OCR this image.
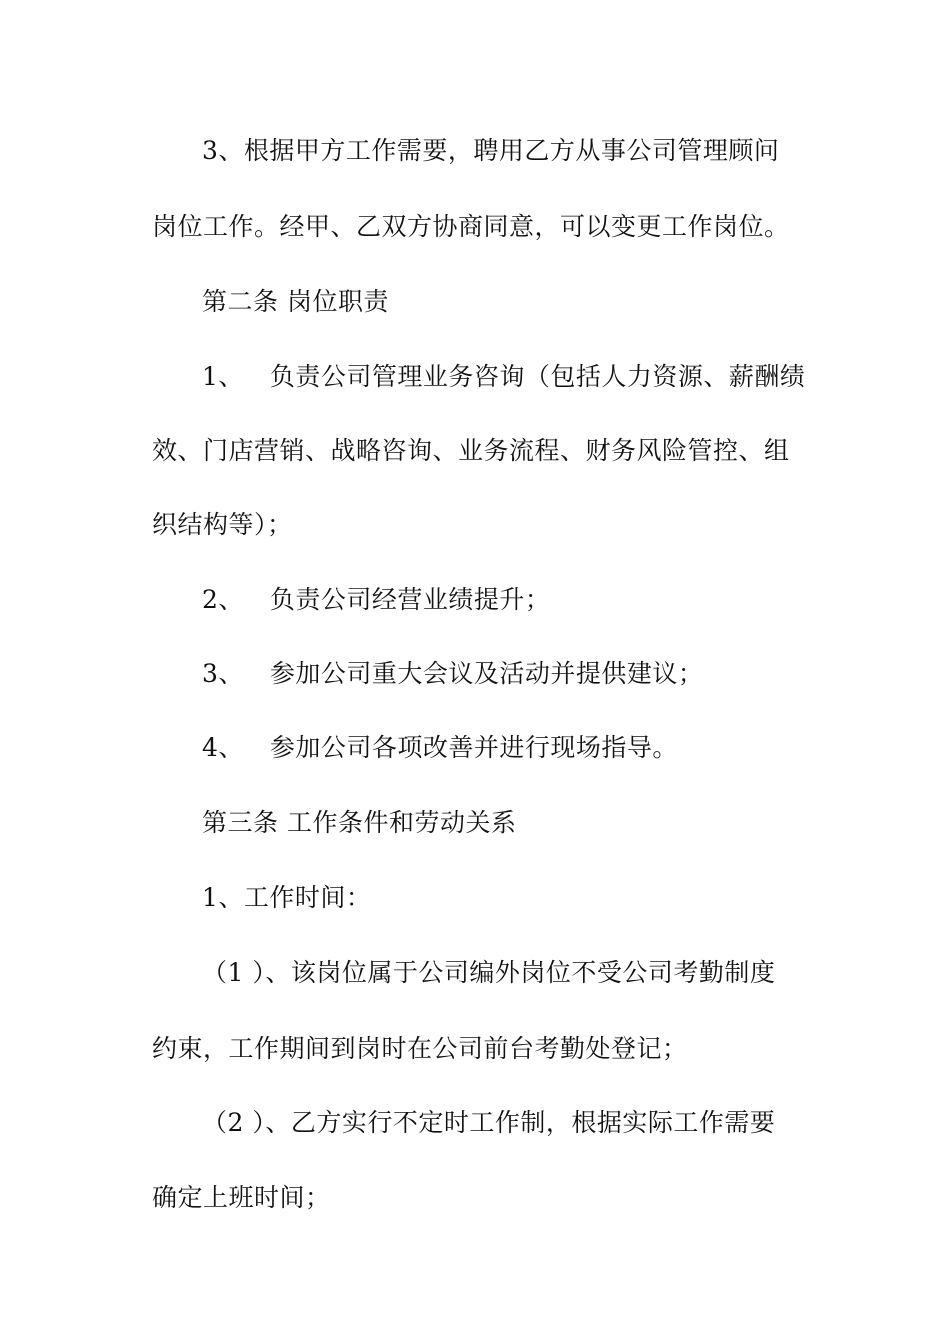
3、根据甲方工作需要，聘用乙方从事公司管理顾问
岗位工作。经甲、乙双方协商同意，可以变更工作岗位。
第二条 岗位职责
1、 负责公司管理业务咨询（包括人力资源、薪酬绩
效、门店营销、战略咨询、业务流程、财务风险管控、组
织结构等）；
2、 负责公司经营业绩提升；
3、 参加公司重大会议及活动并提供建议；
4、 参加公司各项改善并进行现场指导。
第三条 工作条件和劳动关系
1、工作时间：
（1 ）、该岗位属于公司编外岗位不受公司考勤制度
约束，工作期间到岗时在公司前台考勤处登记；
（2 ）、乙方实行不定时工作制，根据实际工作需要
确定上班时间；
